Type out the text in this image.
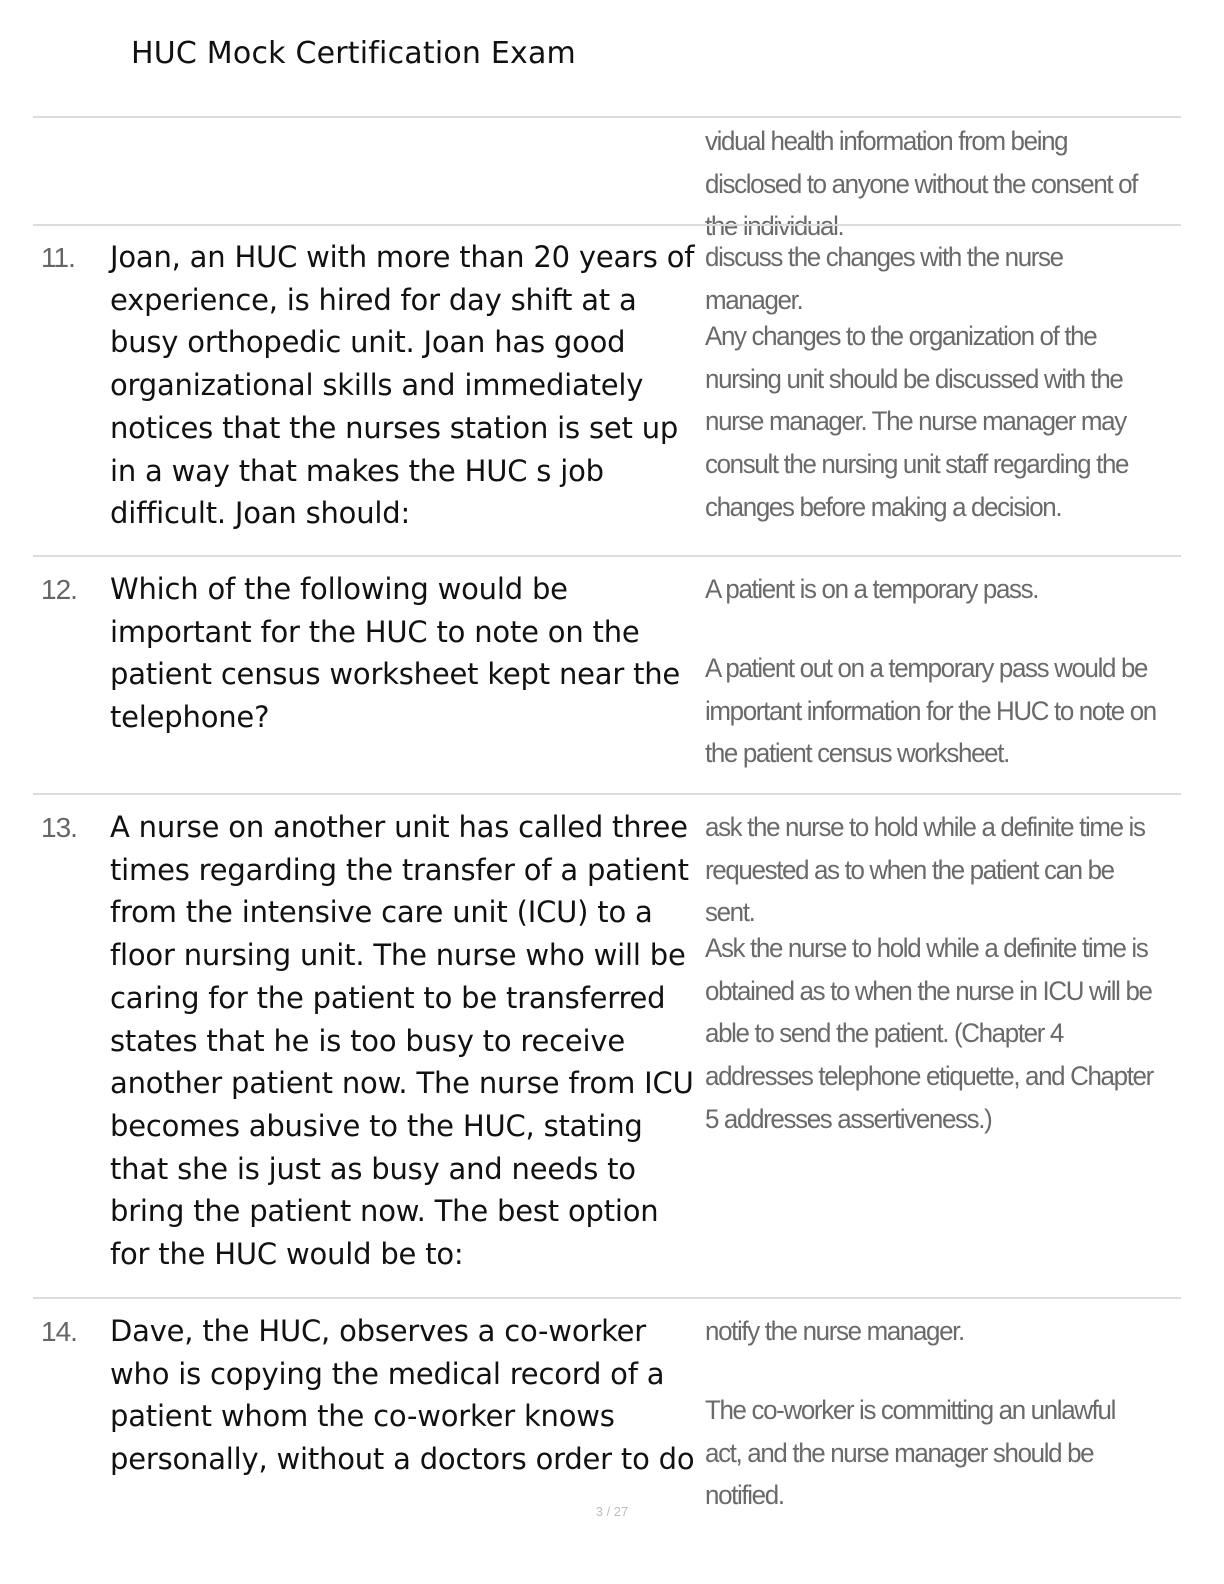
HUC Mock Certification Exam

vidual health information from being disclosed to anyone without the consent of the individual.

11. Joan, an HUC with more than 20 years of experience, is hired for day shift at a busy orthopedic unit. Joan has good organizational skills and immediately notices that the nurses station is set up in a way that makes the HUC s job difficult. Joan should:

discuss the changes with the nurse manager.

Any changes to the organization of the nursing unit should be discussed with the nurse manager. The nurse manager may consult the nursing unit staff regarding the changes before making a decision.

12. Which of the following would be important for the HUC to note on the patient census worksheet kept near the telephone?

A patient is on a temporary pass.

A patient out on a temporary pass would be important information for the HUC to note on the patient census worksheet.

13. A nurse on another unit has called three times regarding the transfer of a patient from the intensive care unit (ICU) to a floor nursing unit. The nurse who will be caring for the patient to be transferred states that he is too busy to receive another patient now. The nurse from ICU becomes abusive to the HUC, stating that she is just as busy and needs to bring the patient now. The best option for the HUC would be to:

ask the nurse to hold while a definite time is requested as to when the patient can be sent.

Ask the nurse to hold while a definite time is obtained as to when the nurse in ICU will be able to send the patient. (Chapter 4 addresses telephone etiquette, and Chapter 5 addresses assertiveness.)

14. Dave, the HUC, observes a co-worker who is copying the medical record of a patient whom the co-worker knows personally, without a doctors order to do

notify the nurse manager.

The co-worker is committing an unlawful act, and the nurse manager should be notified.

3 / 27
